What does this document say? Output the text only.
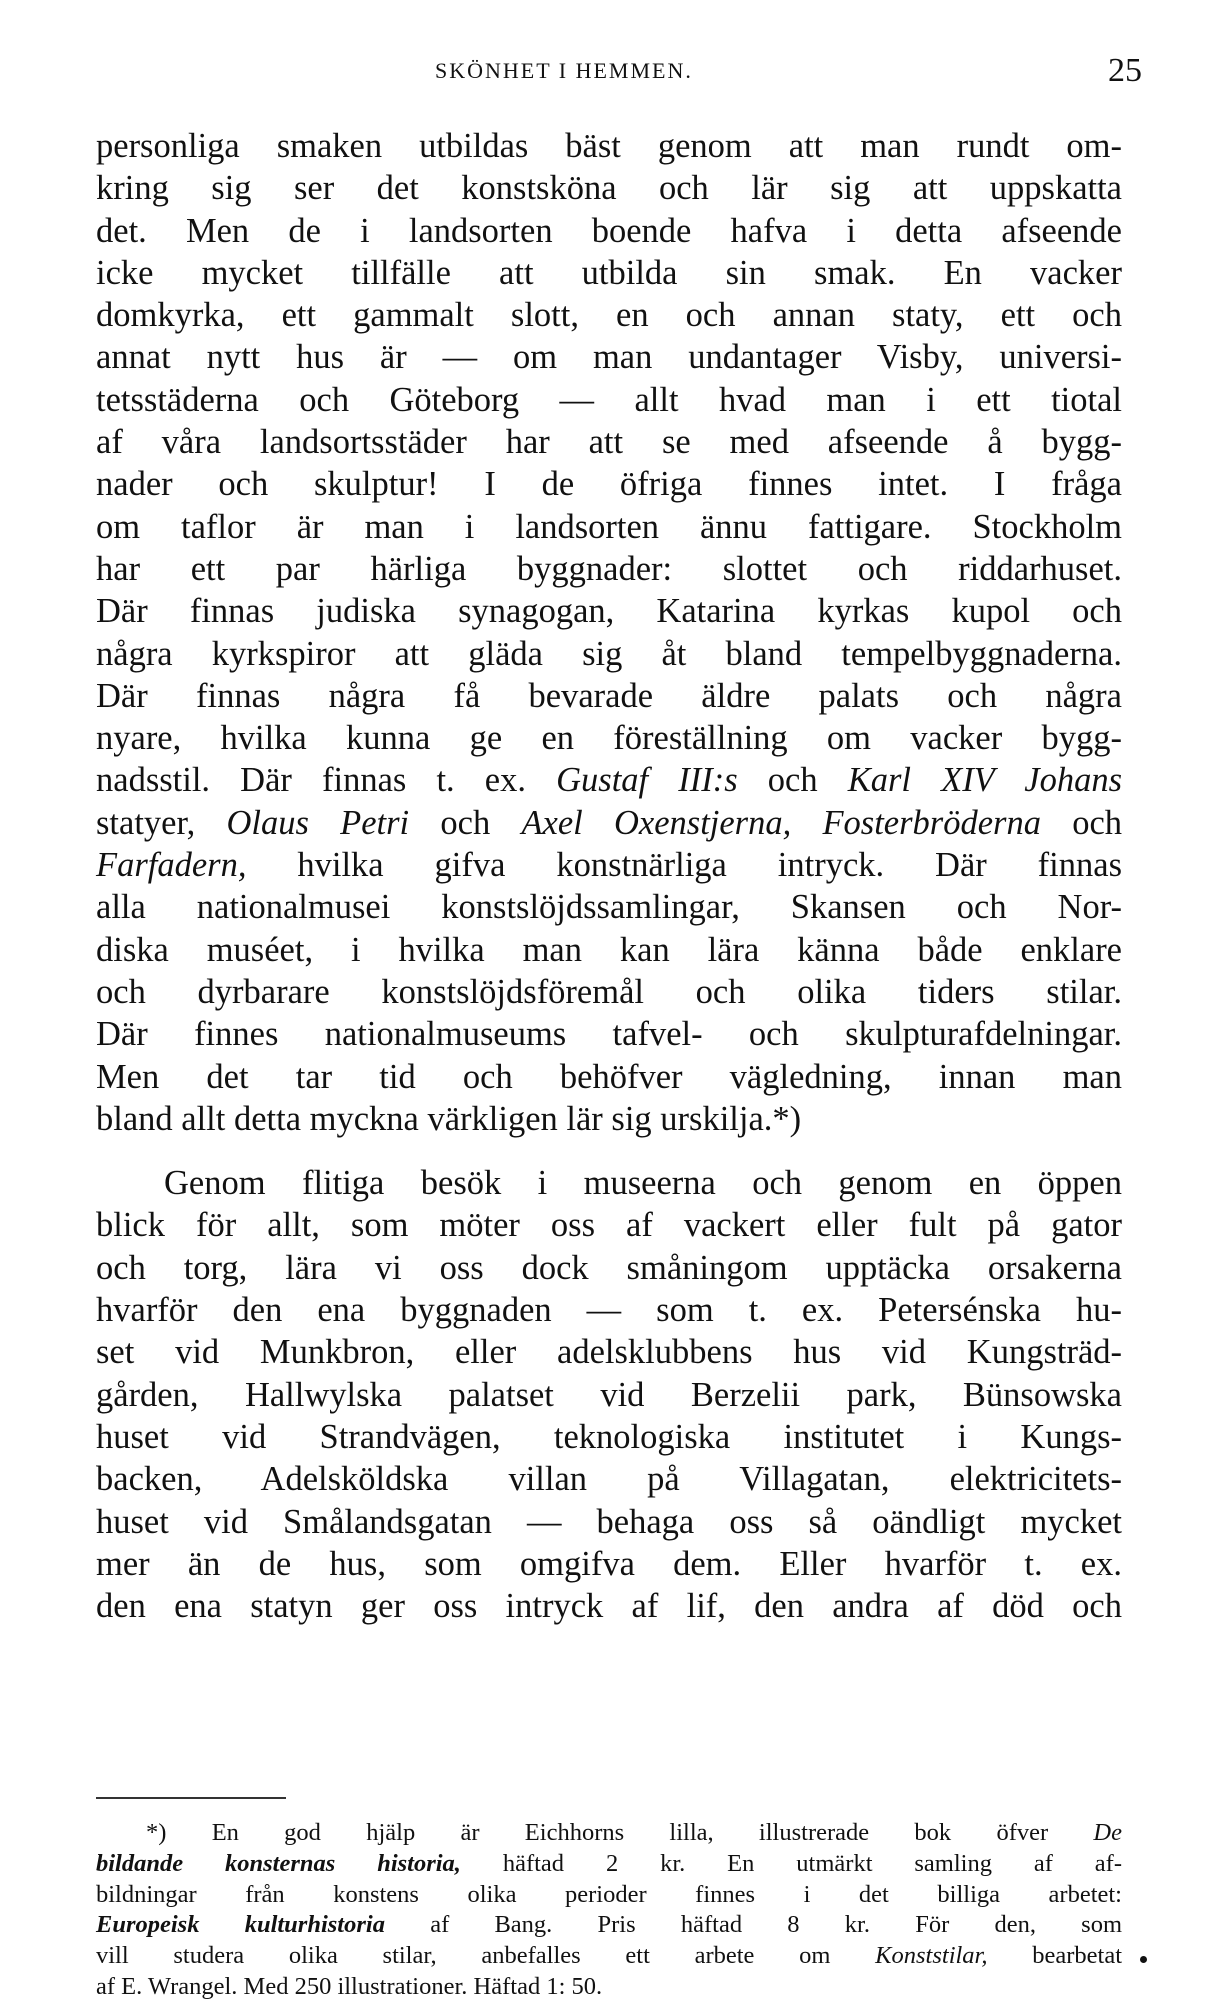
SKÖNHET I HEMMEN.	25
personliga smaken utbildas bäst genom att man rundt om-
kring sig ser det konstsköna och lär sig att uppskatta
det. Men de i landsorten boende hafva i detta afseende
icke mycket tillfälle att utbilda sin smak. En vacker
domkyrka, ett gammalt slott, en och annan staty, ett och
annat nytt hus är — om man undantager Visby, universi-
tetsstäderna och Göteborg — allt hvad man i ett tiotal
af våra landsortsstäder har att se med afseende å bygg-
nader och skulptur! I de öfriga finnes intet. I fråga
om taflor är man i landsorten ännu fattigare. Stockholm
har ett par härliga byggnader: slottet och riddarhuset.
Där finnas judiska synagogan, Katarina kyrkas kupol och
några kyrkspiror att gläda sig åt bland tempelbyggnaderna.
Där finnas några få bevarade äldre palats och några
nyare, hvilka kunna ge en föreställning om vacker bygg-
nadsstil. Där finnas t. ex. Gustaf III:s och Karl XIV Johans
statyer, Olaus Petri och Axel Oxenstjerna, Fosterbröderna och
Farfadern, hvilka gifva konstnärliga intryck. Där finnas
alla nationalmusei konstslöjdssamlingar, Skansen och Nor-
diska muséet, i hvilka man kan lära känna både enklare
och dyrbarare konstslöjdsföremål och olika tiders stilar.
Där finnes nationalmuseums tafvel- och skulpturafdelningar.
Men det tar tid och behöfver vägledning, innan man
bland allt detta myckna värkligen lär sig urskilja.*)
Genom flitiga besök i museerna och genom en öppen
blick för allt, som möter oss af vackert eller fult på gator
och torg, lära vi oss dock småningom upptäcka orsakerna
hvarför den ena byggnaden — som t. ex. Petersénska hu-
set vid Munkbron, eller adelsklubbens hus vid Kungsträd-
gården, Hallwylska palatset vid Berzelii park, Bünsowska
huset vid Strandvägen, teknologiska institutet i Kungs-
backen, Adelsköldska villan på Villagatan, elektricitets-
huset vid Smålandsgatan — behaga oss så oändligt mycket
mer än de hus, som omgifva dem. Eller hvarför t. ex.
den ena statyn ger oss intryck af lif, den andra af död och
*) En god hjälp är Eichhorns lilla, illustrerade bok öfver De
bildande konsternas historia, häftad 2 kr. En utmärkt samling af af-
bildningar från konstens olika perioder finnes i det billiga arbetet:
Europeisk kulturhistoria af Bang. Pris häftad 8 kr. För den, som
vill studera olika stilar, anbefalles ett arbete om Konststilar, bearbetat
af E. Wrangel. Med 250 illustrationer. Häftad 1: 50.
